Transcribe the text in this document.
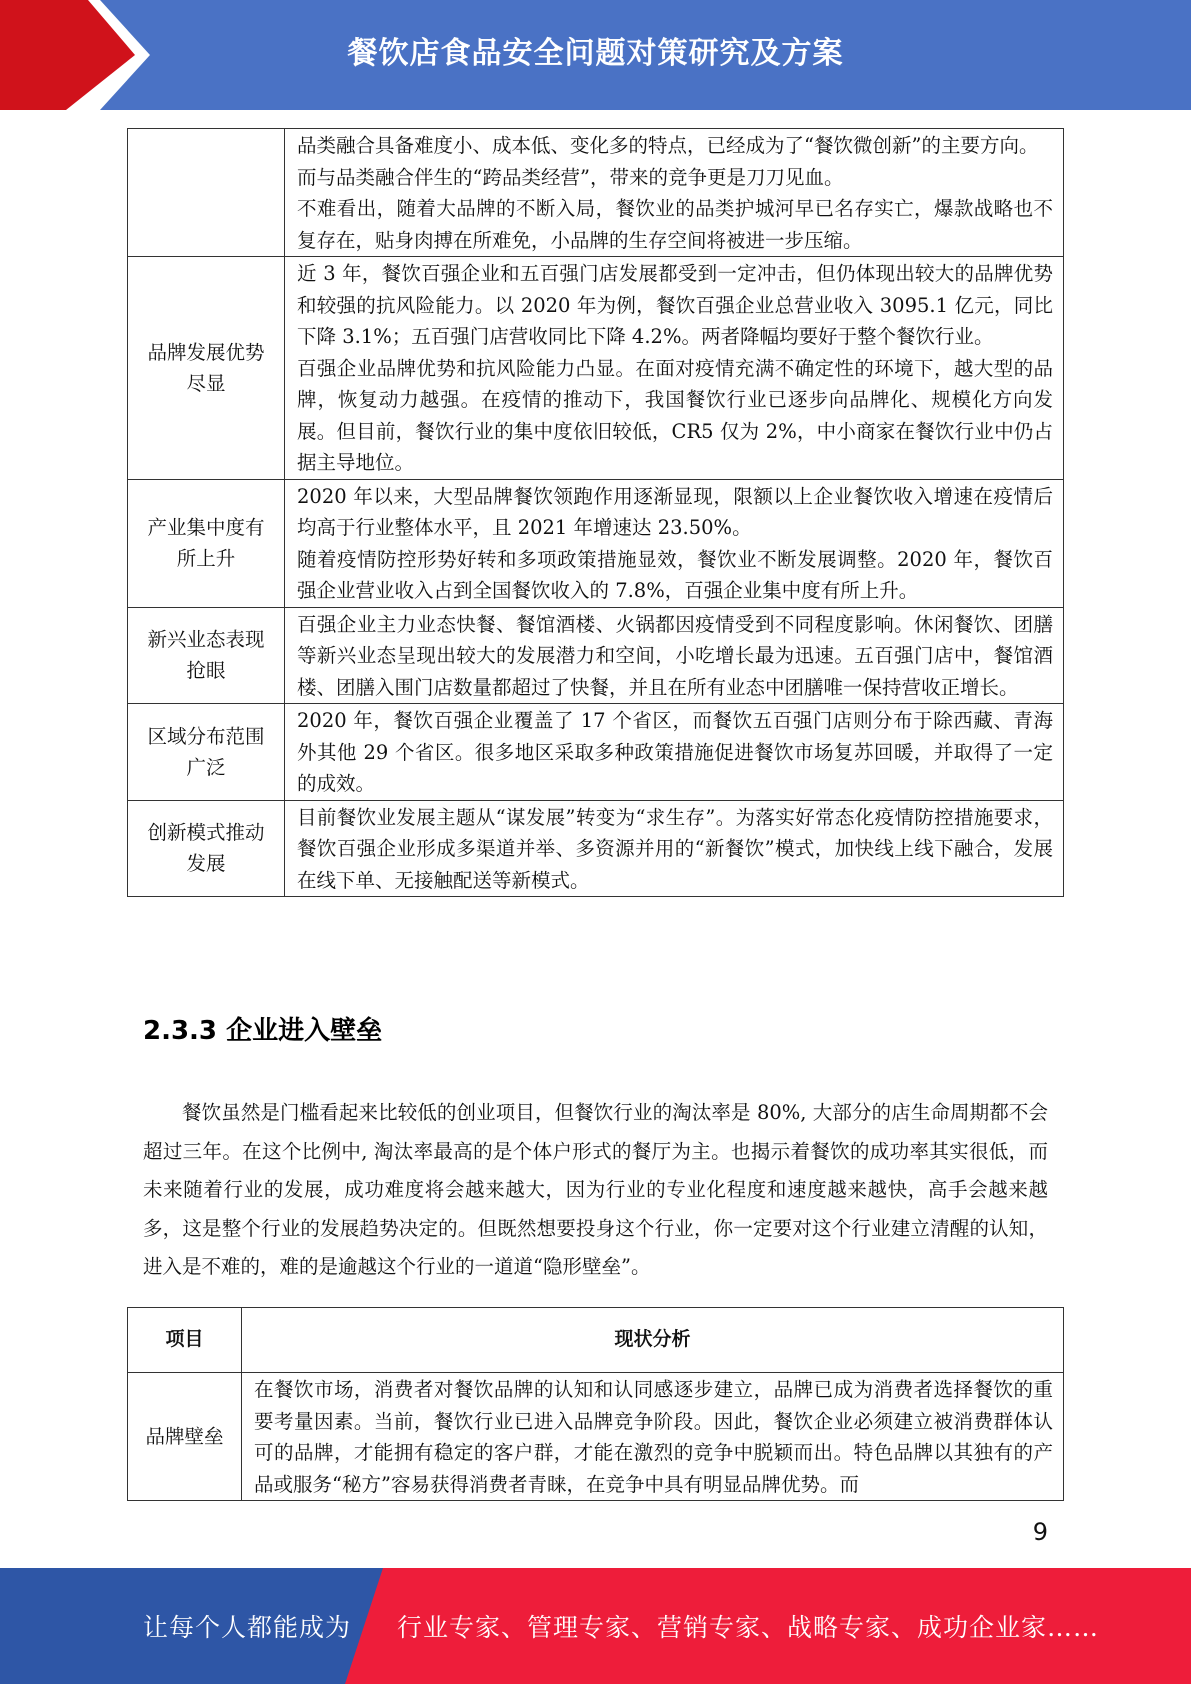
餐饮店食品安全问题对策研究及方案

	品类融合具备难度小、成本低、变化多的特点，已经成为了“餐饮微创新”的主要方向。

而与品类融合伴生的“跨品类经营”，带来的竞争更是刀刀见血。

不难看出，随着大品牌的不断入局，餐饮业的品类护城河早已名存实亡，爆款战略也不复存在，贴身肉搏在所难免，小品牌的生存空间将被进一步压缩。

品牌发展优势尽显	近 3 年，餐饮百强企业和五百强门店发展都受到一定冲击，但仍体现出较大的品牌优势和较强的抗风险能力。以 2020 年为例，餐饮百强企业总营业收入 3095.1 亿元，同比下降 3.1%；五百强门店营收同比下降 4.2%。两者降幅均要好于整个餐饮行业。

百强企业品牌优势和抗风险能力凸显。在面对疫情充满不确定性的环境下，越大型的品牌，恢复动力越强。在疫情的推动下，我国餐饮行业已逐步向品牌化、规模化方向发展。但目前，餐饮行业的集中度依旧较低，CR5 仅为 2%，中小商家在餐饮行业中仍占据主导地位。

产业集中度有所上升	2020 年以来，大型品牌餐饮领跑作用逐渐显现，限额以上企业餐饮收入增速在疫情后均高于行业整体水平，且 2021 年增速达 23.50%。

随着疫情防控形势好转和多项政策措施显效，餐饮业不断发展调整。2020 年，餐饮百强企业营业收入占到全国餐饮收入的 7.8%，百强企业集中度有所上升。

新兴业态表现抢眼	百强企业主力业态快餐、餐馆酒楼、火锅都因疫情受到不同程度影响。休闲餐饮、团膳等新兴业态呈现出较大的发展潜力和空间，小吃增长最为迅速。五百强门店中，餐馆酒楼、团膳入围门店数量都超过了快餐，并且在所有业态中团膳唯一保持营收正增长。

区域分布范围广泛	2020 年，餐饮百强企业覆盖了 17 个省区，而餐饮五百强门店则分布于除西藏、青海外其他 29 个省区。很多地区采取多种政策措施促进餐饮市场复苏回暖，并取得了一定的成效。

创新模式推动发展	目前餐饮业发展主题从“谋发展”转变为“求生存”。为落实好常态化疫情防控措施要求，餐饮百强企业形成多渠道并举、多资源并用的“新餐饮”模式，加快线上线下融合，发展在线下单、无接触配送等新模式。

2.3.3 企业进入壁垒

餐饮虽然是门槛看起来比较低的创业项目，但餐饮行业的淘汰率是 80%, 大部分的店生命周期都不会超过三年。在这个比例中, 淘汰率最高的是个体户形式的餐厅为主。也揭示着餐饮的成功率其实很低，而未来随着行业的发展，成功难度将会越来越大，因为行业的专业化程度和速度越来越快，高手会越来越多，这是整个行业的发展趋势决定的。但既然想要投身这个行业，你一定要对这个行业建立清醒的认知，进入是不难的，难的是逾越这个行业的一道道“隐形壁垒”。

项目	现状分析
品牌壁垒	在餐饮市场，消费者对餐饮品牌的认知和认同感逐步建立，品牌已成为消费者选择餐饮的重要考量因素。当前，餐饮行业已进入品牌竞争阶段。因此，餐饮企业必须建立被消费群体认可的品牌，才能拥有稳定的客户群，才能在激烈的竞争中脱颖而出。特色品牌以其独有的产品或服务“秘方”容易获得消费者青睐，在竞争中具有明显品牌优势。而

9
让每个人都能成为 行业专家、管理专家、营销专家、战略专家、成功企业家……
